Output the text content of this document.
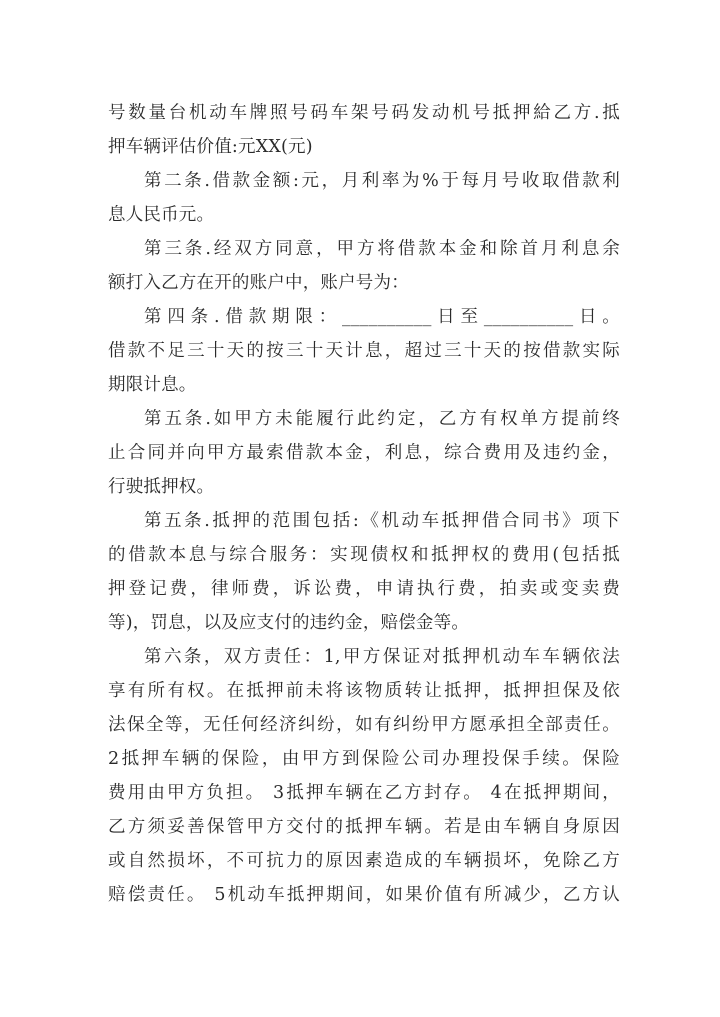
号数量台机动车牌照号码车架号码发动机号抵押給乙方.抵
押车辆评估价值:元XX(元)
第二条.借款金额:元，月利率为%于每月号收取借款利
息人民币元。
第三条.经双方同意，甲方将借款本金和除首月利息余
额打入乙方在开的账户中，账户号为：
第四条.借款期限：__________日至__________日。
借款不足三十天的按三十天计息，超过三十天的按借款实际
期限计息。
第五条.如甲方未能履行此约定，乙方有权单方提前终
止合同并向甲方最索借款本金，利息，综合费用及违约金，
行驶抵押权。
第五条.抵押的范围包括:《机动车抵押借合同书》项下
的借款本息与综合服务：实现债权和抵押权的费用(包括抵
押登记费，律师费，诉讼费，申请执行费，拍卖或变卖费
等)，罚息，以及应支付的违约金，赔偿金等。
第六条，双方责任：1,甲方保证对抵押机动车车辆依法
享有所有权。在抵押前未将该物质转让抵押，抵押担保及依
法保全等，无任何经济纠纷，如有纠纷甲方愿承担全部责任。
2抵押车辆的保险，由甲方到保险公司办理投保手续。保险
费用由甲方负担。 3抵押车辆在乙方封存。 4在抵押期间，
乙方须妥善保管甲方交付的抵押车辆。若是由车辆自身原因
或自然损坏，不可抗力的原因素造成的车辆损坏，免除乙方
赔偿责任。 5机动车抵押期间，如果价值有所减少，乙方认
